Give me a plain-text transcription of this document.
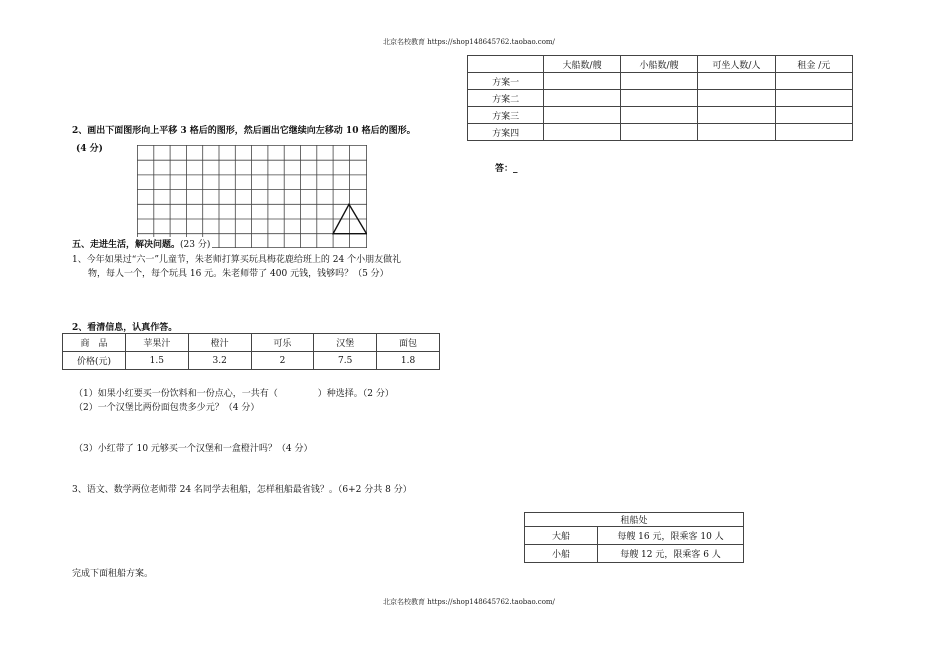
北京名校教育 https://shop148645762.taobao.com/
北京名校教育 https://shop148645762.taobao.com/
	大船数/艘	小船数/艘	可坐人数/人	租金 /元
方案一				
方案二				
方案三				
方案四				
答：_
2、画出下面图形向上平移 3 格后的图形，然后画出它继续向左移动 10 格后的图形。
(4 分)
五、走进生活，解决问题。(23 分)
1、今年如果过“六一”儿童节，朱老师打算买玩具梅花鹿给班上的 24 个小朋友做礼
物，每人一个，每个玩具 16 元。朱老师带了 400 元钱，钱够吗？（5 分）
2、看清信息，认真作答。
商　品	苹果汁	橙汁	可乐	汉堡	面包
价格(元)	1.5	3.2	2	7.5	1.8
（1）如果小红要买一份饮料和一份点心，一共有（	）种选择。（2 分）
（2）一个汉堡比两份面包贵多少元？（4 分）
（3）小红带了 10 元够买一个汉堡和一盒橙汁吗？（4 分）
3、语文、数学两位老师带 24 名同学去租船，怎样租船最省钱？。（6+2 分共 8 分）
租船处	
大船	每艘 16 元，限乘客 10 人
小船	每艘 12 元，限乘客 6 人
完成下面租船方案。
